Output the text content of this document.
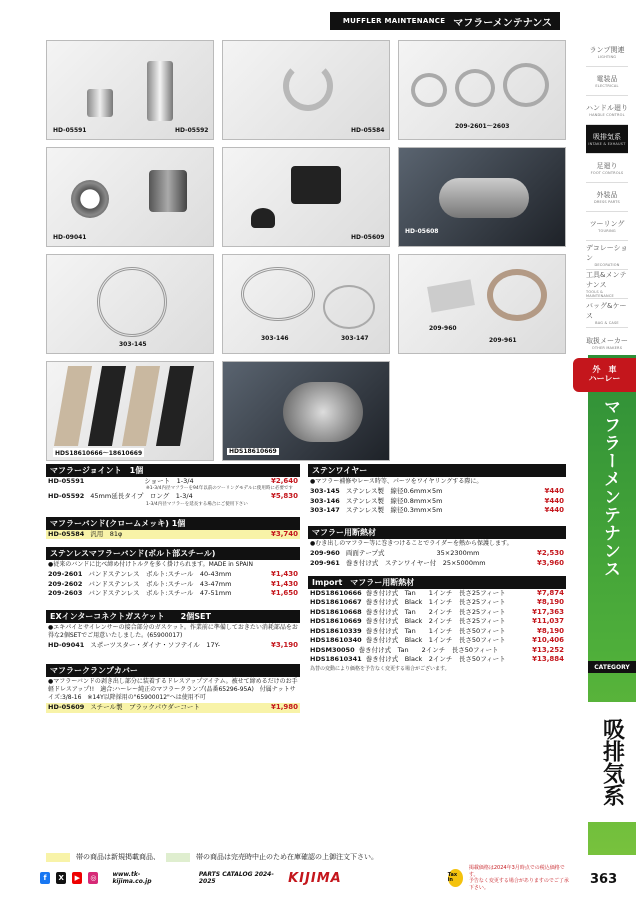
MUFFLER MAINTENANCE マフラーメンテナンス
HD-05591	HD-05592	HD-05584
209-2601～2603
HD-09041	HD-05609
HD-05608
303-145
303-146	303-147
209-960
209-961
HDS18610666～18610669	HDS18610669
マフラージョイント　1個
HD-05591	ショート　1-3/4	¥2,640
※1-3/4内径マフラーを94年以前のツーリングモデルに使用時に必要です
HD-05592 45mm延長タイプ　ロング　1-3/4	¥5,830
1-3/4内径マフラーを延長する場合にご使用下さい
マフラーバンド(クロームメッキ) 1個
HD-05584 汎用　81φ	¥3,740
ステンレスマフラーバンド(ボルト部スチール)
●従来のバンドに比べ締め付けトルクを多く掛けられます。MADE in SPAIN
209-2601 バンドステンレス　ボルト:スチール　40-43mm	¥1,430
209-2602 バンドステンレス　ボルト:スチール　43-47mm	¥1,430
209-2603 バンドステンレス　ボルト:スチール　47-51mm	¥1,650
EXインターコネクトガスケット　　2個SET
●エキパイとサイレンサーの接合部分のガスケット。作業前に準備しておきたい消耗部品をお得な2個SETでご用意いたしました。(65900017)
HD-09041 スポーツスター・ダイナ・ソフテイル　17Y-	¥3,190
マフラークランプカバー
●マフラーバンドの剥き出し部分に装着するドレスアップアイテム。被せて締めるだけのお手軽ドレスアップ!!　適合:ハーレー純正のマフラークランプ(品番65296-95A)　付属ナットサイズ:3/8-16　※14Y以降採用の"65900012"へは使用不可
HD-05609 スチール製　ブラックパウダーコート	¥1,980
ステンワイヤー
●マフラー補修やレース時等、パーツをワイヤリングする際に。
303-145 ステンレス製　線径0.6mm×5m	¥440
303-146 ステンレス製　線径0.8mm×5m	¥440
303-147 ステンレス製　線径0.3mm×5m	¥440
マフラー用断熱材
●むき出しのマフラー等に巻きつけることでライダーを熱から保護します。
209-960 両面テープ式　　　　　　　　35×2300mm	¥2,530
209-961 巻き付け式　ステンワイヤー付　25×5000mm	¥3,960
Import　マフラー用断熱材
HDS18610666 巻き付け式　Tan　　1インチ　長さ25フィート	¥7,874
HDS18610667 巻き付け式　Black　1インチ　長さ25フィート	¥8,190
HDS18610668 巻き付け式　Tan　　2インチ　長さ25フィート	¥17,363
HDS18610669 巻き付け式　Black　2インチ　長さ25フィート	¥11,037
HDS18610339 巻き付け式　Tan　　1インチ　長さ50フィート	¥8,190
HDS18610340 巻き付け式　Black　1インチ　長さ50フィート	¥10,406
HDSM30050 巻き付け式　Tan　　2インチ　長さ50フィート	¥13,252
HDS18610341 巻き付け式　Black　2インチ　長さ50フィート	¥13,884
為替の変動により価格を予告なく変更する場合がございます。
ランプ関連
LIGHTING
電装品
ELECTRICAL
ハンドル廻り
HANDLE CONTROL
吸排気系
INTAKE & EXHAUST
足廻り
FOOT CONTROLS
外装品
DRESS PARTS
ツーリング
TOURING
デコレーション
DECORATION
工具&メンテナンス
TOOLS & MAINTENANCE
バッグ&ケース
BAG & CASE
取扱メーカー
OTHER MAKERS
外　車
ハーレー
マフラーメンテナンス
CATEGORY
吸排気系
帯の商品は新規掲載商品、	帯の商品は完売時中止のため在庫確認の上御注文下さい。
f	X	▶	◎	www.tk-kijima.co.jp
PARTS CATALOG 2024-2025	KIJIMA	Tax in
掲載価格は2024年3月時点での税込価格です。
予告なく変更する場合がありますのでご了承下さい。
363
